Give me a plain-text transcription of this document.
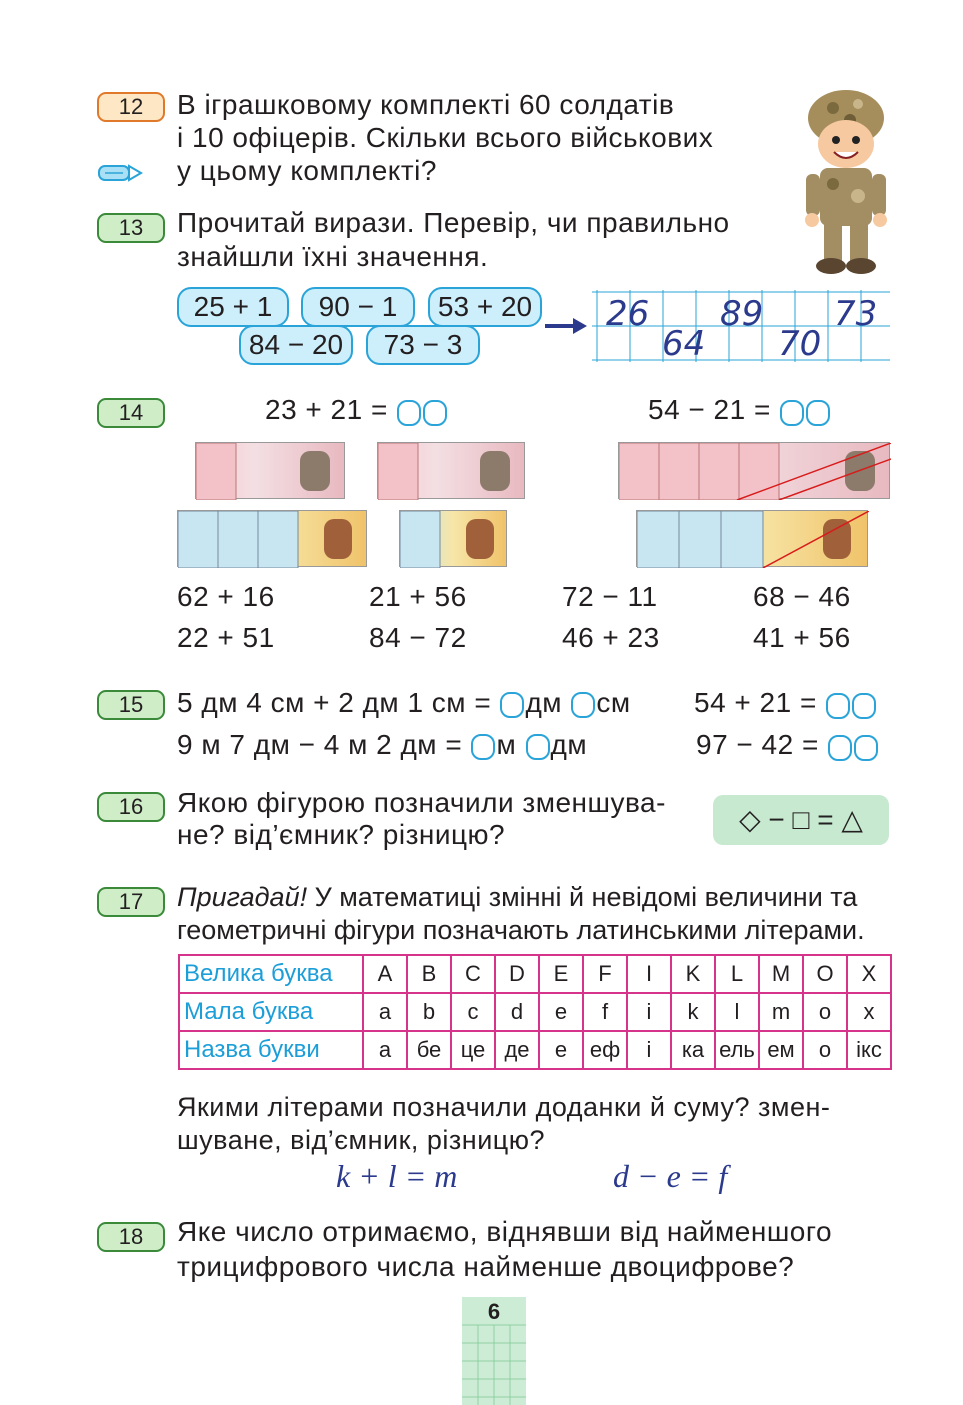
12	В іграшковому комплекті 60 солдатів
і 10 офіцерів. Скільки всього військових
у цьому комплекті?
13	Прочитай вирази. Перевір, чи правильно
знайшли їхні значення.
25 + 1	90 − 1	53 + 20
84 − 20	73 − 3
26 89 73
64 70
14	23 + 21 =	54 − 21 =
62 + 16	21 + 56	72 − 11	68 − 46
22 + 51	84 − 72	46 + 23	41 + 56
15	5 дм 4 см + 2 дм 1 см = дм см 54 + 21 =
9 м 7 дм − 4 м 2 дм = м дм	97 − 42 =
16	Якою фігурою позначили зменшува-
не? від’ємник? різницю?	◇ − □ = △
17	Пригадай! У математиці змінні й невідомі величини та
геометричні фігури позначають латинськими літерами.
Велика буква	A	B	C	D	E	F	I	K	L	M	O	X
Мала буква	a	b	c	d	e	f	i	k	l	m	o	x
Назва букви	а	бе	це	де	е	еф	і	ка	ель	ем	о	ікс
Якими літерами позначили доданки й суму? змен-
шуване, від’ємник, різницю?
k + l = m	d − e = f
18	Яке число отримаємо, віднявши від найменшого
трицифрового числа найменше двоцифрове?
6
